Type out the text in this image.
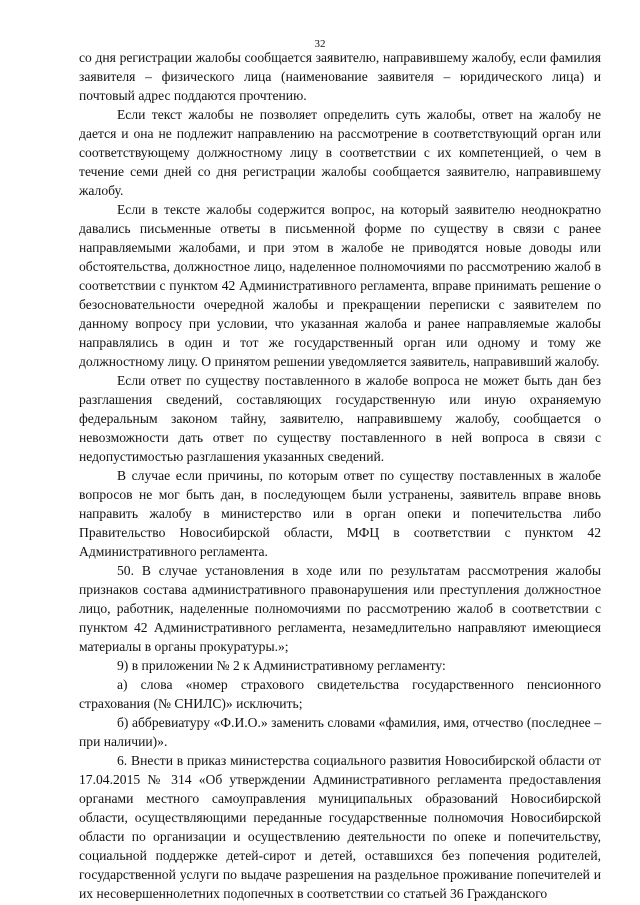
32

со дня регистрации жалобы сообщается заявителю, направившему жалобу, если фамилия заявителя – физического лица (наименование заявителя – юридического лица) и почтовый адрес поддаются прочтению.

Если текст жалобы не позволяет определить суть жалобы, ответ на жалобу не дается и она не подлежит направлению на рассмотрение в соответствующий орган или соответствующему должностному лицу в соответствии с их компетенцией, о чем в течение семи дней со дня регистрации жалобы сообщается заявителю, направившему жалобу.

Если в тексте жалобы содержится вопрос, на который заявителю неоднократно давались письменные ответы в письменной форме по существу в связи с ранее направляемыми жалобами, и при этом в жалобе не приводятся новые доводы или обстоятельства, должностное лицо, наделенное полномочиями по рассмотрению жалоб в соответствии с пунктом 42 Административного регламента, вправе принимать решение о безосновательности очередной жалобы и прекращении переписки с заявителем по данному вопросу при условии, что указанная жалоба и ранее направляемые жалобы направлялись в один и тот же государственный орган или одному и тому же должностному лицу. О принятом решении уведомляется заявитель, направивший жалобу.

Если ответ по существу поставленного в жалобе вопроса не может быть дан без разглашения сведений, составляющих государственную или иную охраняемую федеральным законом тайну, заявителю, направившему жалобу, сообщается о невозможности дать ответ по существу поставленного в ней вопроса в связи с недопустимостью разглашения указанных сведений.

В случае если причины, по которым ответ по существу поставленных в жалобе вопросов не мог быть дан, в последующем были устранены, заявитель вправе вновь направить жалобу в министерство или в орган опеки и попечительства либо Правительство Новосибирской области, МФЦ в соответствии с пунктом 42 Административного регламента.

50. В случае установления в ходе или по результатам рассмотрения жалобы признаков состава административного правонарушения или преступления должностное лицо, работник, наделенные полномочиями по рассмотрению жалоб в соответствии с пунктом 42 Административного регламента, незамедлительно направляют имеющиеся материалы в органы прокуратуры.»;

9) в приложении № 2 к Административному регламенту:

а) слова «номер страхового свидетельства государственного пенсионного страхования (№ СНИЛС)» исключить;

б) аббревиатуру «Ф.И.О.» заменить словами «фамилия, имя, отчество (последнее – при наличии)».

6. Внести в приказ министерства социального развития Новосибирской области от 17.04.2015 № 314 «Об утверждении Административного регламента предоставления органами местного самоуправления муниципальных образований Новосибирской области, осуществляющими переданные государственные полномочия Новосибирской области по организации и осуществлению деятельности по опеке и попечительству, социальной поддержке детей-сирот и детей, оставшихся без попечения родителей, государственной услуги по выдаче разрешения на раздельное проживание попечителей и их несовершеннолетних подопечных в соответствии со статьей 36 Гражданского
